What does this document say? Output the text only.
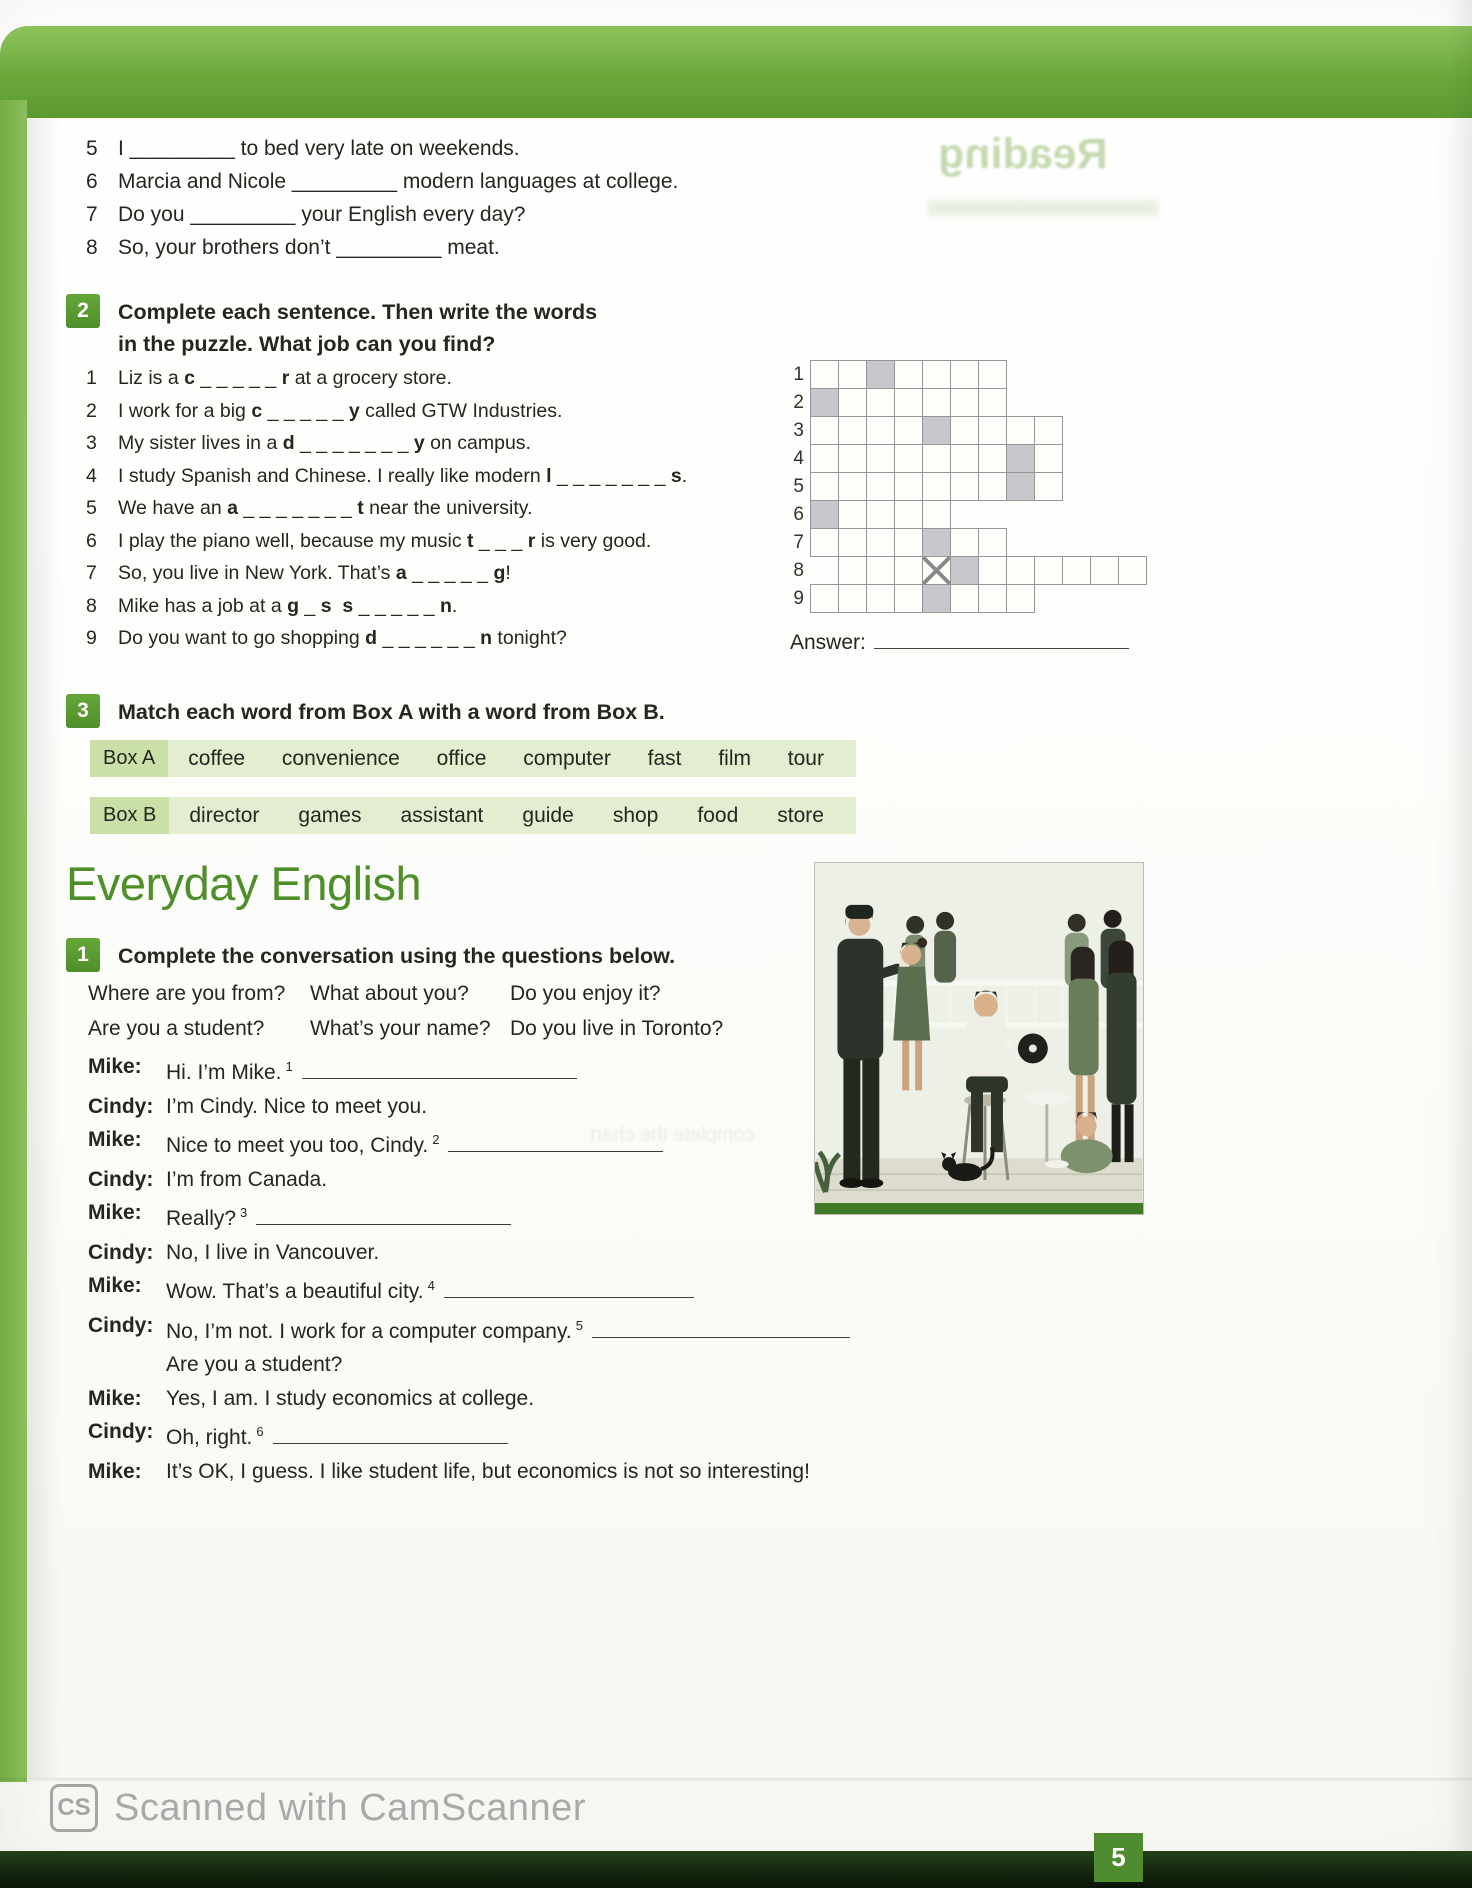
Reading
complete the chart
5 I _________ to bed very late on weekends.
6 Marcia and Nicole _________ modern languages at college.
7 Do you _________ your English every day?
8 So, your brothers don’t _________ meat.
2	Complete each sentence. Then write the words
in the puzzle. What job can you find?
1	Liz is a c _ _ _ _ _ r at a grocery store.
2	I work for a big c _ _ _ _ _ y called GTW Industries.
3	My sister lives in a d _ _ _ _ _ _ _ y on campus.
4	I study Spanish and Chinese. I really like modern l _ _ _ _ _ _ _ s.
5	We have an a _ _ _ _ _ _ _ t near the university.
6	I play the piano well, because my music t _ _ _ r is very good.
7	So, you live in New York. That’s a _ _ _ _ _ g!
8	Mike has a job at a g _ s s _ _ _ _ _ n.
9	Do you want to go shopping d _ _ _ _ _ _ n tonight?
1
2
3
4
5
6
7
8
9
Answer:
3	Match each word from Box A with a word from Box B.
Box A	coffee convenience office computer fast film tour
Box B	director games assistant guide shop food store
Everyday English
1	Complete the conversation using the questions below.
Where are you from?	What about you?	Do you enjoy it?
Are you a student?	What’s your name? Do you live in Toronto?
Mike:	Hi. I’m Mike. $^1$
Cindy: I’m Cindy. Nice to meet you.
Mike:	Nice to meet you too, Cindy. $^2$
Cindy: I’m from Canada.
Mike:	Really? $^3$
Cindy: No, I live in Vancouver.
Mike:	Wow. That’s a beautiful city. $^4$
Cindy: No, I’m not. I work for a computer company. $^5$
Are you a student?
Mike:	Yes, I am. I study economics at college.
Cindy: Oh, right. $^6$
Mike:	It’s OK, I guess. I like student life, but economics is not so interesting!
CS Scanned with CamScanner
5
